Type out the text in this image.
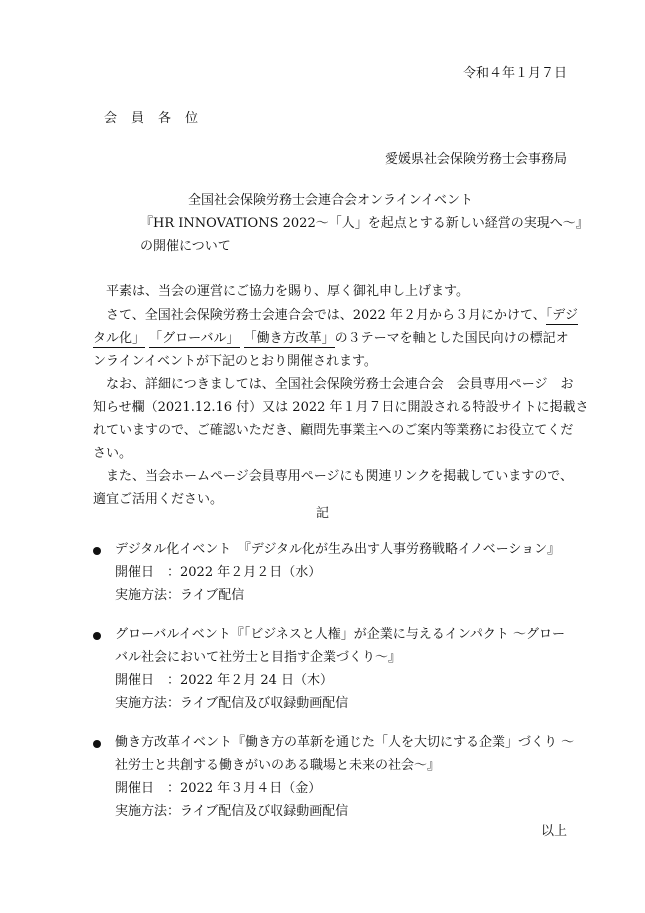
令和４年１月７日
会員各位
愛媛県社会保険労務士会事務局
全国社会保険労務士会連合会オンラインイベント
『HR INNOVATIONS 2022～「人」を起点とする新しい経営の実現へ～』
の開催について
平素は、当会の運営にご協力を賜り、厚く御礼申し上げます。
さて、全国社会保険労務士会連合会では、2022 年２月から３月にかけて、「デジ
タル化」 「グローバル」 「働き方改革」の３テーマを軸とした国民向けの標記オ
ンラインイベントが下記のとおり開催されます。
なお、詳細につきましては、全国社会保険労務士会連合会　会員専用ページ　お
知らせ欄（2021.12.16 付）又は 2022 年１月７日に開設される特設サイトに掲載さ
れていますので、ご確認いただき、顧問先事業主へのご案内等業務にお役立てくだ
さい。
また、当会ホームページ会員専用ページにも関連リンクを掲載していますので、
適宜ご活用ください。
記
デジタル化イベント　『デジタル化が生み出す人事労務戦略イノベーション』
開催日　：2022 年２月２日（水）
実施方法：ライブ配信
グローバルイベント『「ビジネスと人権」が企業に与えるインパクト ～グロー
バル社会において社労士と目指す企業づくり～』
開催日　：2022 年２月 24 日（木）
実施方法：ライブ配信及び収録動画配信
働き方改革イベント『働き方の革新を通じた「人を大切にする企業」づくり ～
社労士と共創する働きがいのある職場と未来の社会～』
開催日　：2022 年３月４日（金）
実施方法：ライブ配信及び収録動画配信
以上
